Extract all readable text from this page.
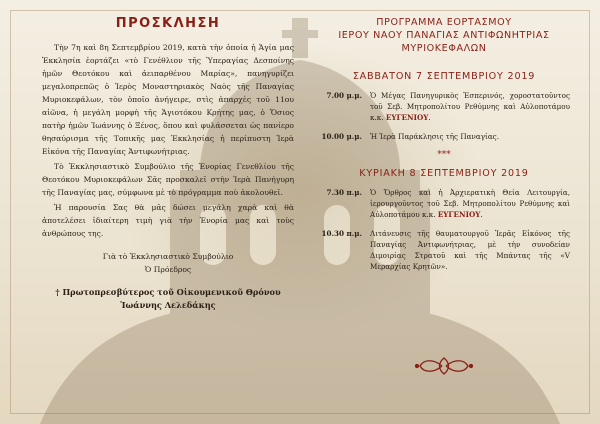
ΠΡΟΣΚΛΗΣΗ

Τὴν 7η καὶ 8η Σεπτεμβρίου 2019, κατὰ τὴν ὁποία ἡ Ἁγία μας Ἐκκλησία ἑορτάζει «τὸ Γενέθλιον τῆς Ὑπεραγίας Δεσποίνης ἡμῶν Θεοτόκου καὶ ἀειπαρθένου Μαρίας», πανηγυρίζει μεγαλοπρεπῶς ὁ Ἱερὸς Μοναστηριακὸς Ναὸς τῆς Παναγίας Μυριοκεφάλων, τὸν ὁποῖο ἀνήγειρε, στὶς ἀπαρχὲς τοῦ 11ου αἰῶνα, ἡ μεγάλη μορφὴ τῆς Ἁγιοτόκου Κρήτης μας, ὁ Ὅσιος πατὴρ ἡμῶν Ἰωάννης ὁ Ξένος, ὅπου καὶ φυλάσσεται ὡς πανίερο θησαύρισμα τῆς Τοπικῆς μας Ἐκκλησίας ἡ περίπυστη Ἱερὰ Εἰκόνα τῆς Παναγίας Ἀντιφωνήτριας.

Τὸ Ἐκκλησιαστικὸ Συμβούλιο τῆς Ἐνορίας Γενεθλίου τῆς Θεοτόκου Μυριοκεφάλων Σᾶς προσκαλεῖ στὴν Ἱερὰ Πανήγυρη τῆς Παναγίας μας, σύμφωνα μὲ τὸ πρόγραμμα ποὺ ἀκολουθεῖ.

Ἡ παρουσία Σας θὰ μᾶς δώσει μεγάλη χαρὰ καὶ θὰ ἀποτελέσει ἰδιαίτερη τιμὴ γιὰ τὴν Ἐνορία μας καὶ τοὺς ἀνθρώπους της.

Γιὰ τὸ Ἐκκλησιαστικὸ Συμβούλιο
Ὁ Πρόεδρος
† Πρωτοπρεσβύτερος τοῦ Οἰκουμενικοῦ Θρόνου
Ἰωάννης Λελεδάκης

ΠΡΟΓΡΑΜΜΑ ΕΟΡΤΑΣΜΟΥ

ΙΕΡΟΥ ΝΑΟΥ ΠΑΝΑΓΙΑΣ ΑΝΤΙΦΩΝΗΤΡΙΑΣ

ΜΥΡΙΟΚΕΦΑΛΩΝ

ΣΑΒΒΑΤΟΝ 7 ΣΕΠΤΕΜΒΡΙΟΥ 2019
7.00 μ.μ.	Ὁ Μέγας Πανηγυρικὸς Ἑσπερινός, χοροστατοῦντος τοῦ Σεβ. Μητροπολίτου Ρεθύμνης καὶ Αὐλοποτάμου κ.κ. ΕΥΓΕΝΙΟΥ.
10.00 μ.μ.	Ἡ Ἱερὰ Παράκλησις τῆς Παναγίας.
***
ΚΥΡΙΑΚΗ 8 ΣΕΠΤΕΜΒΡΙΟΥ 2019
7.30 π.μ.	Ὁ Ὄρθρος καὶ ἡ Ἀρχιερατικὴ Θεία Λειτουργία, ἱερουργοῦντος τοῦ Σεβ. Μητροπολίτου Ρεθύμνης καὶ Αὐλοποτάμου κ.κ. ΕΥΓΕΝΙΟΥ.
10.30 π.μ.	Λιτάνευσις τῆς θαυματουργοῦ Ἱερᾶς Εἰκόνος τῆς Παναγίας Ἀντιφωνήτριας, μὲ τὴν συνοδείαν Διμοιρίας Στρατοῦ καὶ τῆς Μπάντας τῆς «V Μεραρχίας Κρητῶν».
